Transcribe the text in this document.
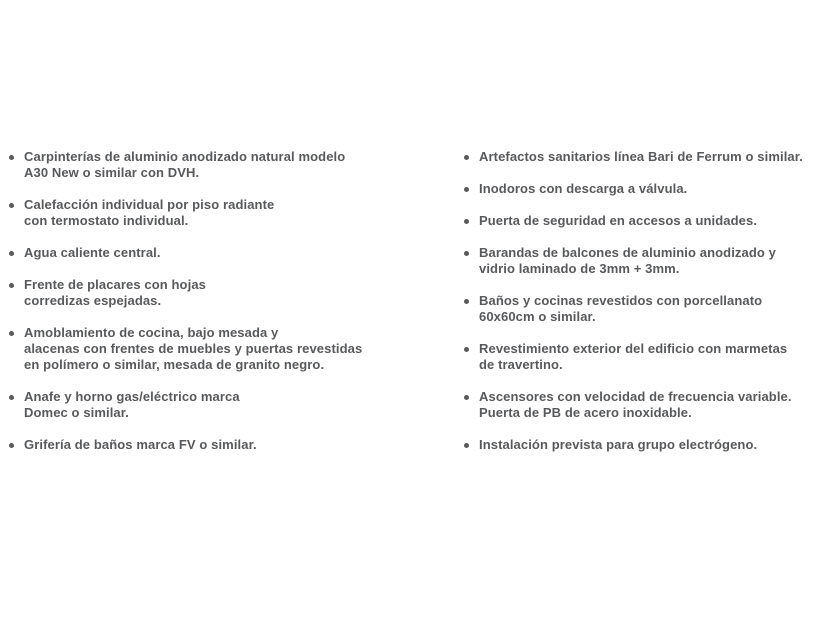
Carpinterías de aluminio anodizado natural modelo
A30 New o similar con DVH.
Calefacción individual por piso radiante
con termostato individual.
Agua caliente central.
Frente de placares con hojas
corredizas espejadas.
Amoblamiento de cocina, bajo mesada y
alacenas con frentes de muebles y puertas revestidas
en polímero o similar, mesada de granito negro.
Anafe y horno gas/eléctrico marca
Domec o similar.
Grifería de baños marca FV o similar.
Artefactos sanitarios línea Bari de Ferrum o similar.
Inodoros con descarga a válvula.
Puerta de seguridad en accesos a unidades.
Barandas de balcones de aluminio anodizado y
vidrio laminado de 3mm + 3mm.
Baños y cocinas revestidos con porcellanato
60x60cm o similar.
Revestimiento exterior del edificio con marmetas
de travertino.
Ascensores con velocidad de frecuencia variable.
Puerta de PB de acero inoxidable.
Instalación prevista para grupo electrógeno.
